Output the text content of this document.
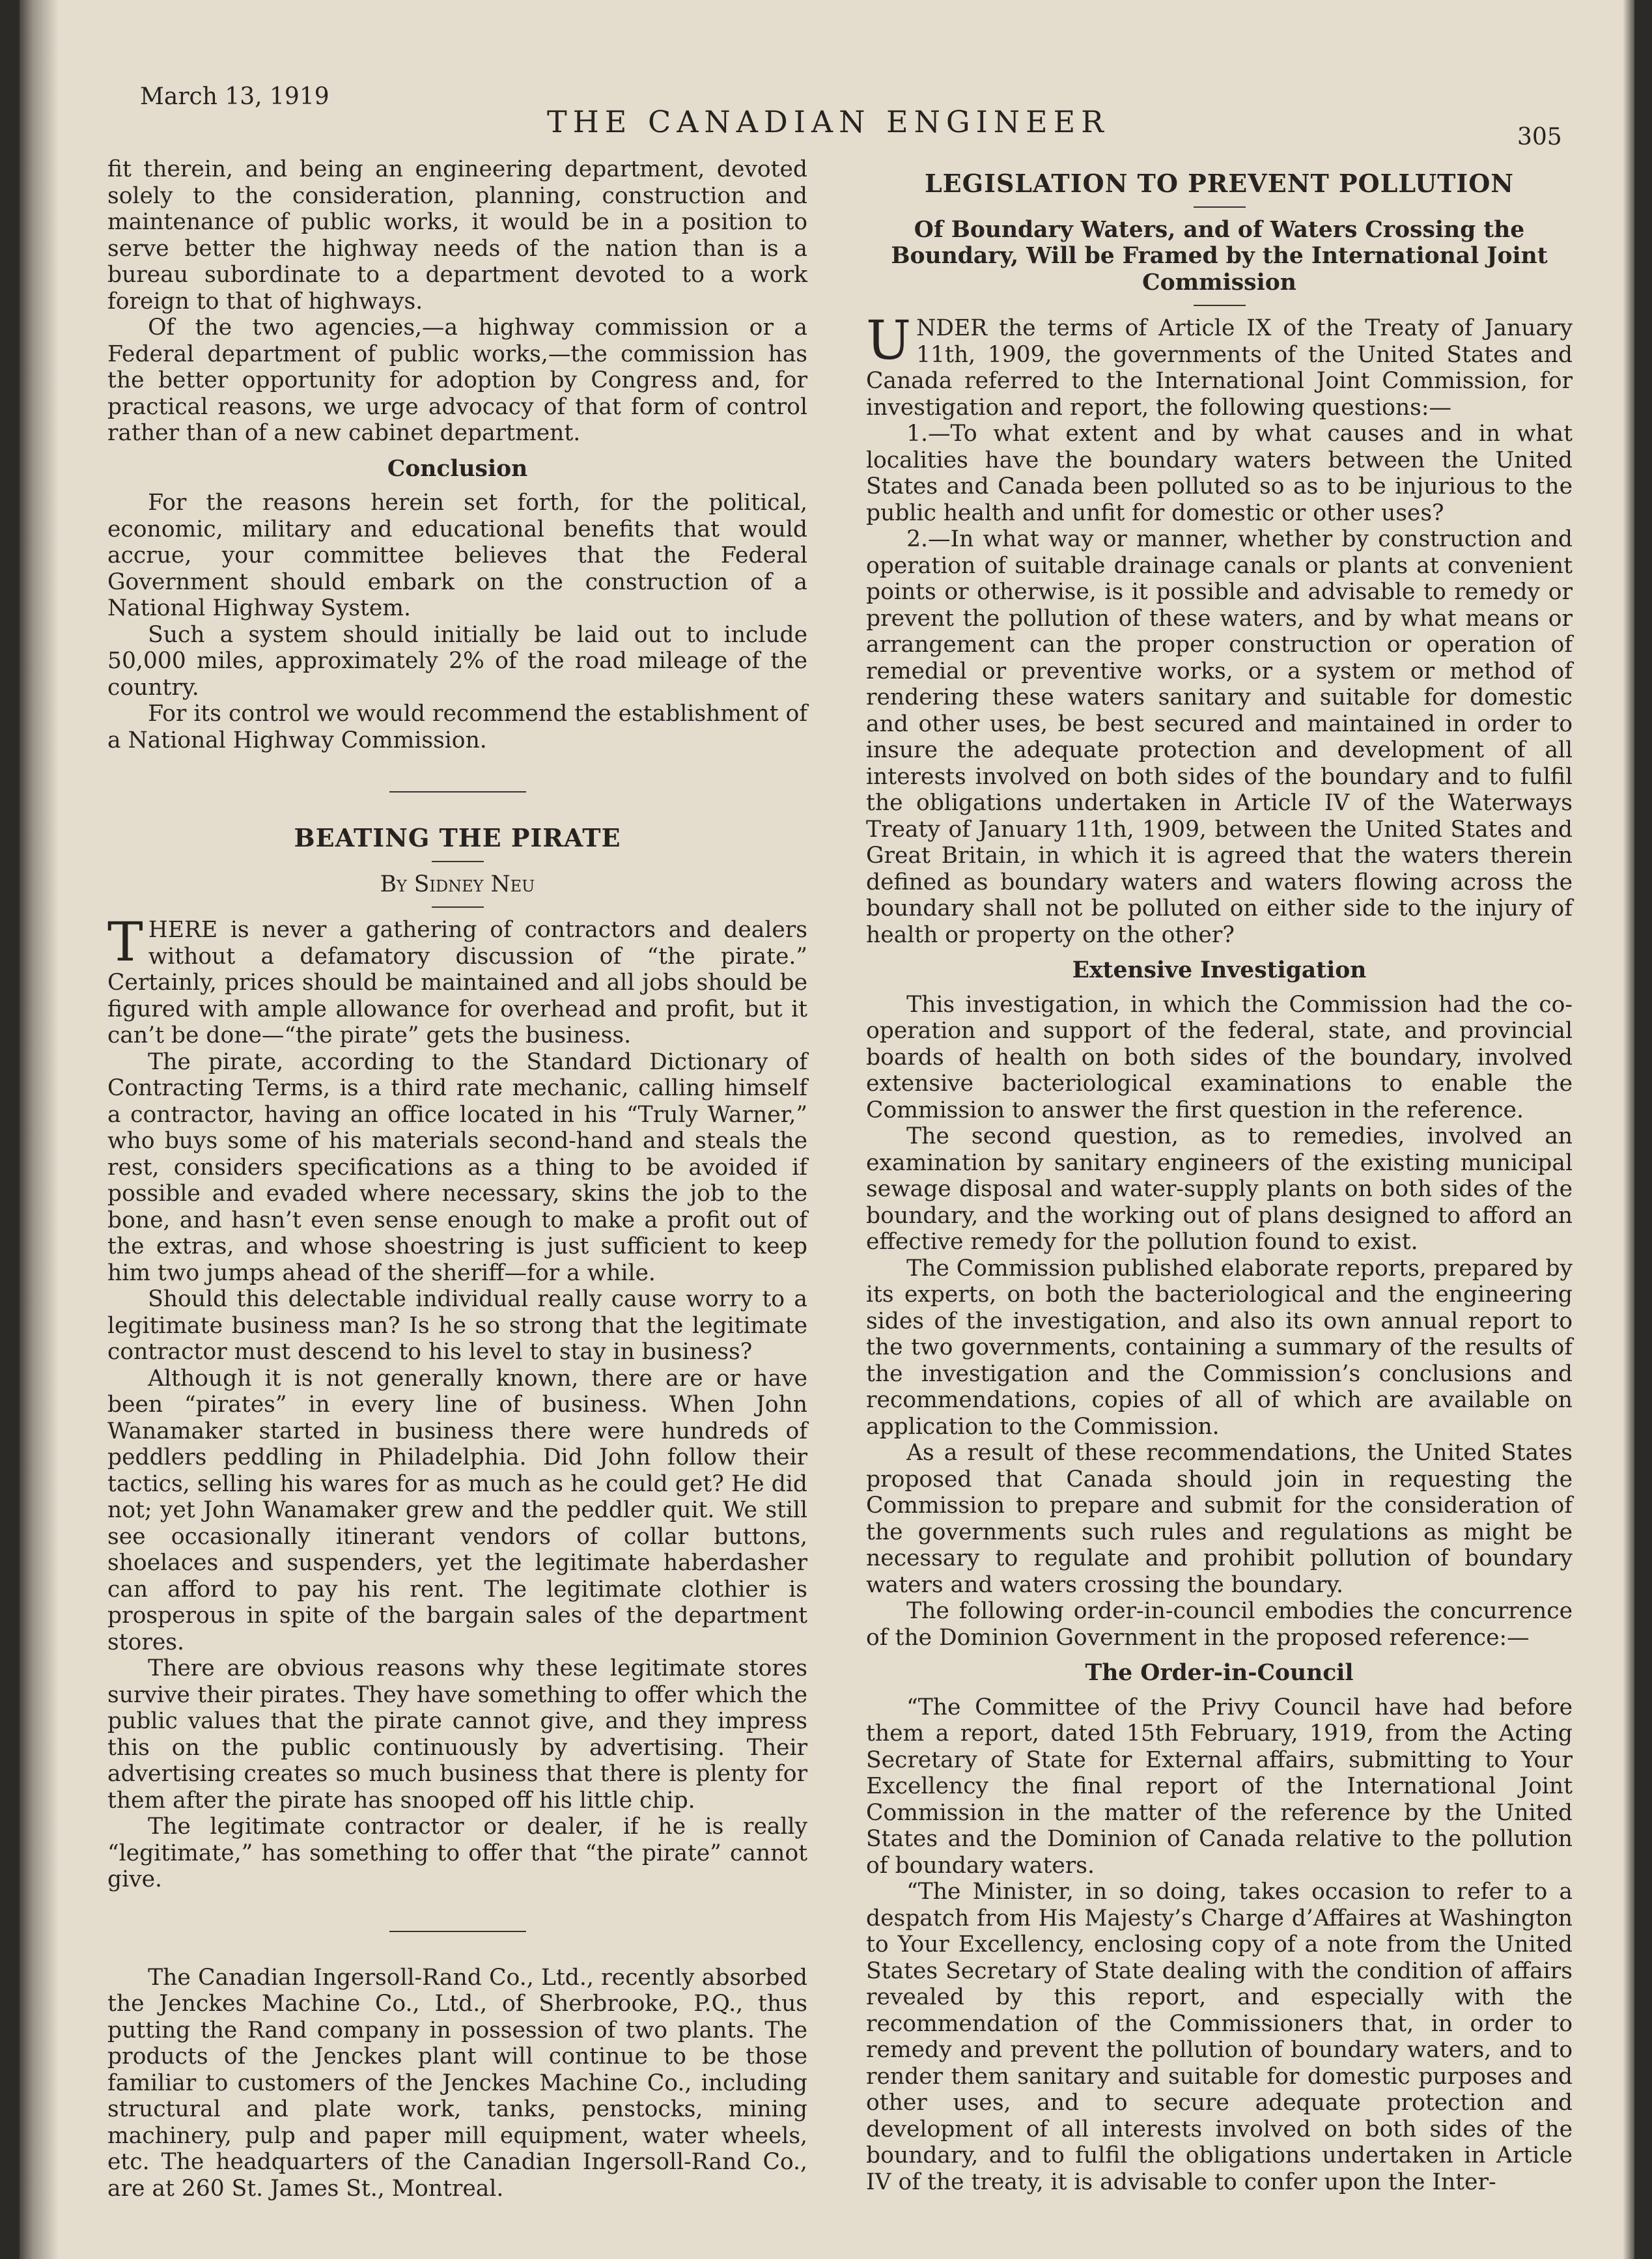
March 13, 1919
THE CANADIAN ENGINEER	305

fit therein, and being an engineering department, devoted solely to the consideration, planning, construction and maintenance of public works, it would be in a position to serve better the highway needs of the nation than is a bureau subordinate to a department devoted to a work foreign to that of highways.

Of the two agencies,—a highway commission or a Federal department of public works,—the commission has the better opportunity for adoption by Congress and, for practical reasons, we urge advocacy of that form of control rather than of a new cabinet department.

Conclusion

For the reasons herein set forth, for the political, economic, military and educational benefits that would accrue, your committee believes that the Federal Government should embark on the construction of a National Highway System.

Such a system should initially be laid out to include 50,000 miles, approximately 2% of the road mileage of the country.

For its control we would recommend the establishment of a National Highway Commission.

BEATING THE PIRATE
By Sidney Neu

THERE is never a gathering of contractors and dealers without a defamatory discussion of “the pirate.” Certainly, prices should be maintained and all jobs should be figured with ample allowance for overhead and profit, but it can’t be done—“the pirate” gets the business.

The pirate, according to the Standard Dictionary of Contracting Terms, is a third rate mechanic, calling himself a contractor, having an office located in his “Truly Warner,” who buys some of his materials second-hand and steals the rest, considers specifications as a thing to be avoided if possible and evaded where necessary, skins the job to the bone, and hasn’t even sense enough to make a profit out of the extras, and whose shoestring is just sufficient to keep him two jumps ahead of the sheriff—for a while.

Should this delectable individual really cause worry to a legitimate business man? Is he so strong that the legitimate contractor must descend to his level to stay in business?

Although it is not generally known, there are or have been “pirates” in every line of business. When John Wanamaker started in business there were hundreds of peddlers peddling in Philadelphia. Did John follow their tactics, selling his wares for as much as he could get? He did not; yet John Wanamaker grew and the peddler quit. We still see occasionally itinerant vendors of collar buttons, shoelaces and suspenders, yet the legitimate haberdasher can afford to pay his rent. The legitimate clothier is prosperous in spite of the bargain sales of the department stores.

There are obvious reasons why these legitimate stores survive their pirates. They have something to offer which the public values that the pirate cannot give, and they impress this on the public continuously by advertising. Their advertising creates so much business that there is plenty for them after the pirate has snooped off his little chip.

The legitimate contractor or dealer, if he is really “legitimate,” has something to offer that “the pirate” cannot give.

The Canadian Ingersoll-Rand Co., Ltd., recently absorbed the Jenckes Machine Co., Ltd., of Sherbrooke, P.Q., thus putting the Rand company in possession of two plants. The products of the Jenckes plant will continue to be those familiar to customers of the Jenckes Machine Co., including structural and plate work, tanks, penstocks, mining machinery, pulp and paper mill equipment, water wheels, etc. The headquarters of the Canadian Ingersoll-Rand Co., are at 260 St. James St., Montreal.

LEGISLATION TO PREVENT POLLUTION
Of Boundary Waters, and of Waters Crossing the Boundary, Will be Framed by the International Joint Commission

UNDER the terms of Article IX of the Treaty of January 11th, 1909, the governments of the United States and Canada referred to the International Joint Commission, for investigation and report, the following questions:—

1.—To what extent and by what causes and in what localities have the boundary waters between the United States and Canada been polluted so as to be injurious to the public health and unfit for domestic or other uses?

2.—In what way or manner, whether by construction and operation of suitable drainage canals or plants at convenient points or otherwise, is it possible and advisable to remedy or prevent the pollution of these waters, and by what means or arrangement can the proper construction or operation of remedial or preventive works, or a system or method of rendering these waters sanitary and suitable for domestic and other uses, be best secured and maintained in order to insure the adequate protection and development of all interests involved on both sides of the boundary and to fulfil the obligations undertaken in Article IV of the Waterways Treaty of January 11th, 1909, between the United States and Great Britain, in which it is agreed that the waters therein defined as boundary waters and waters flowing across the boundary shall not be polluted on either side to the injury of health or property on the other?

Extensive Investigation

This investigation, in which the Commission had the co-operation and support of the federal, state, and provincial boards of health on both sides of the boundary, involved extensive bacteriological examinations to enable the Commission to answer the first question in the reference.

The second question, as to remedies, involved an examination by sanitary engineers of the existing municipal sewage disposal and water-supply plants on both sides of the boundary, and the working out of plans designed to afford an effective remedy for the pollution found to exist.

The Commission published elaborate reports, prepared by its experts, on both the bacteriological and the engineering sides of the investigation, and also its own annual report to the two governments, containing a summary of the results of the investigation and the Commission’s conclusions and recommendations, copies of all of which are available on application to the Commission.

As a result of these recommendations, the United States proposed that Canada should join in requesting the Commission to prepare and submit for the consideration of the governments such rules and regulations as might be necessary to regulate and prohibit pollution of boundary waters and waters crossing the boundary.

The following order-in-council embodies the concurrence of the Dominion Government in the proposed reference:—

The Order-in-Council

“The Committee of the Privy Council have had before them a report, dated 15th February, 1919, from the Acting Secretary of State for External affairs, submitting to Your Excellency the final report of the International Joint Commission in the matter of the reference by the United States and the Dominion of Canada relative to the pollution of boundary waters.

“The Minister, in so doing, takes occasion to refer to a despatch from His Majesty’s Charge d’Affaires at Washington to Your Excellency, enclosing copy of a note from the United States Secretary of State dealing with the condition of affairs revealed by this report, and especially with the recommendation of the Commissioners that, in order to remedy and prevent the pollution of boundary waters, and to render them sanitary and suitable for domestic purposes and other uses, and to secure adequate protection and development of all interests involved on both sides of the boundary, and to fulfil the obligations undertaken in Article IV of the treaty, it is advisable to confer upon the Inter-
